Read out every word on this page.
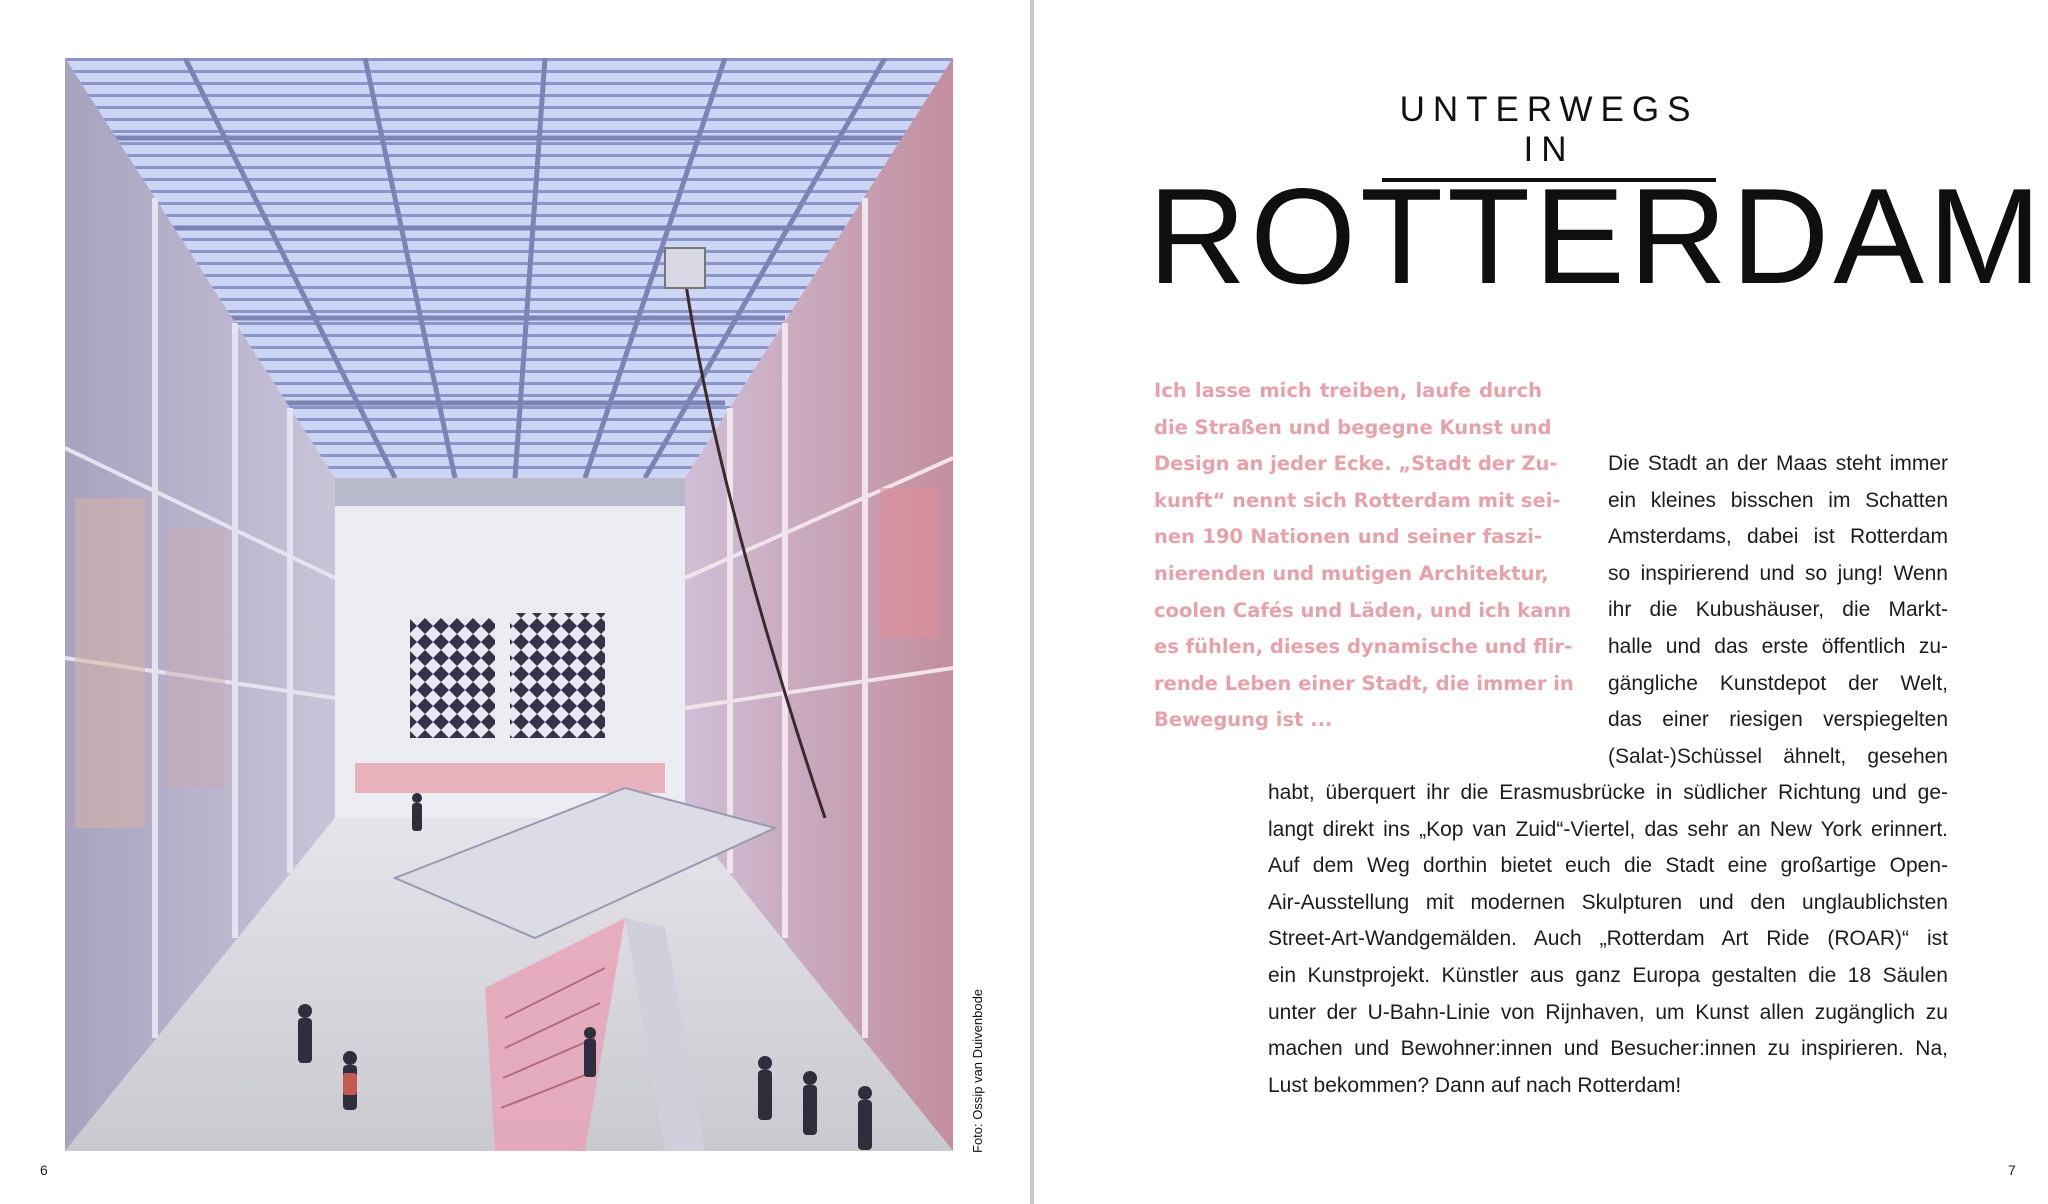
Foto: Ossip van Duivenbode
6
UNTERWEGS IN
ROTTERDAM
Ich lasse mich treiben, laufe durch
die Straßen und begegne Kunst und
Design an jeder Ecke. „Stadt der Zu-
kunft“ nennt sich Rotterdam mit sei-
nen 190 Nationen und seiner faszi-
nierenden und mutigen Architektur,
coolen Cafés und Läden, und ich kann
es fühlen, dieses dynamische und flir-
rende Leben einer Stadt, die immer in
Bewegung ist ...
Die Stadt an der Maas steht immer
ein kleines bisschen im Schatten
Amsterdams, dabei ist Rotterdam
so inspirierend und so jung! Wenn
ihr die Kubushäuser, die Markt-
halle und das erste öffentlich zu-
gängliche Kunstdepot der Welt,
das einer riesigen verspiegelten
(Salat-)Schüssel ähnelt, gesehen
habt, überquert ihr die Erasmusbrücke in südlicher Richtung und ge-
langt direkt ins „Kop van Zuid“-Viertel, das sehr an New York erinnert.
Auf dem Weg dorthin bietet euch die Stadt eine großartige Open-
Air-Ausstellung mit modernen Skulpturen und den unglaublichsten
Street-Art-Wandgemälden. Auch „Rotterdam Art Ride (ROAR)“ ist
ein Kunstprojekt. Künstler aus ganz Europa gestalten die 18 Säulen
unter der U-Bahn-Linie von Rijnhaven, um Kunst allen zugänglich zu
machen und Bewohner:innen und Besucher:innen zu inspirieren. Na,
Lust bekommen? Dann auf nach Rotterdam!
7
